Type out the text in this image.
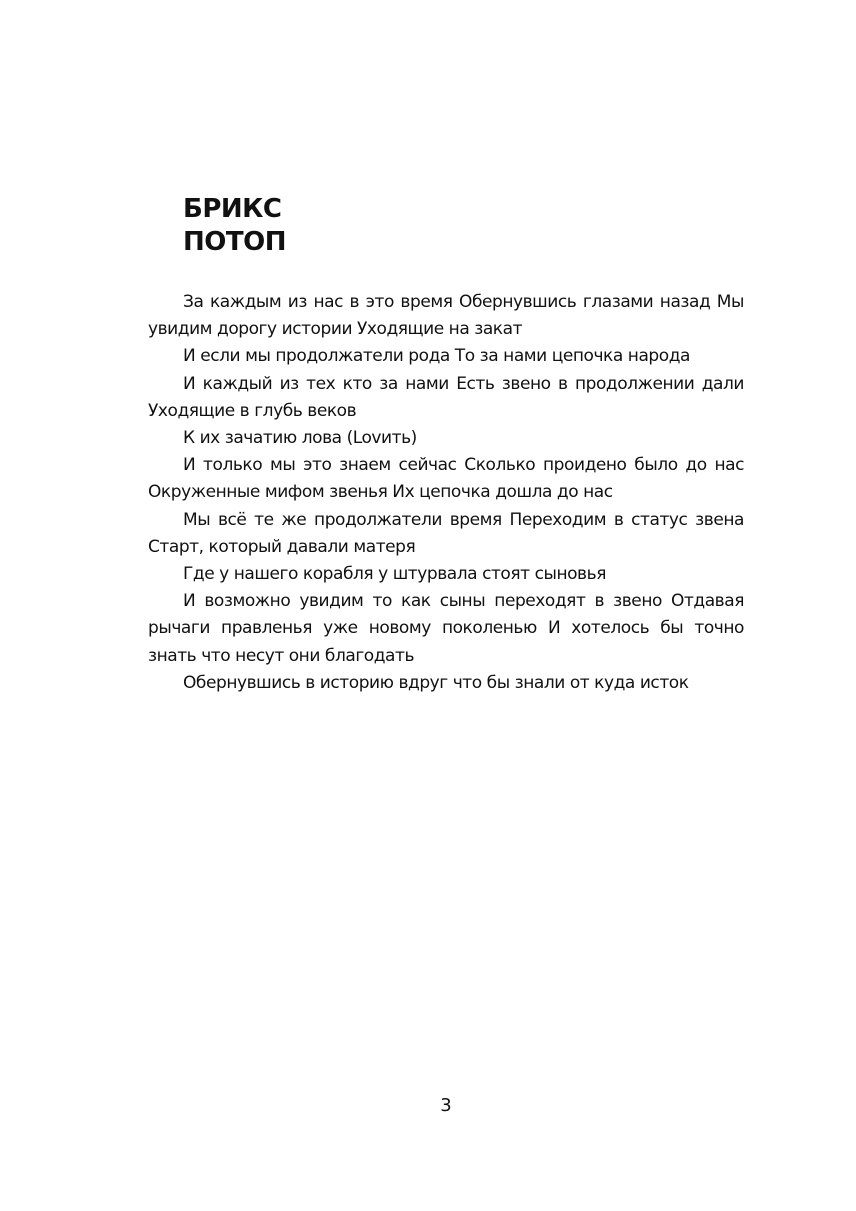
БРИКС
ПОТОП

За каждым из нас в это время Обернувшись глазами назад Мы увидим дорогу истории Уходящие на закат

И если мы продолжатели рода То за нами цепочка народа

И каждый из тех кто за нами Есть звено в продолжении дали Уходящие в глубь веков

К их зачатию лова (Lovить)

И только мы это знаем сейчас Сколько проидено было до нас Окруженные мифом звенья Их цепочка дошла до нас

Мы всё те же продолжатели время Переходим в статус звена Старт, который давали матеря

Где у нашего корабля у штурвала стоят сыновья

И возможно увидим то как сыны переходят в звено Отдавая рычаги правленья уже новому поколенью И хотелось бы точно знать что несут они благодать

Обернувшись в историю вдруг что бы знали от куда исток

3
